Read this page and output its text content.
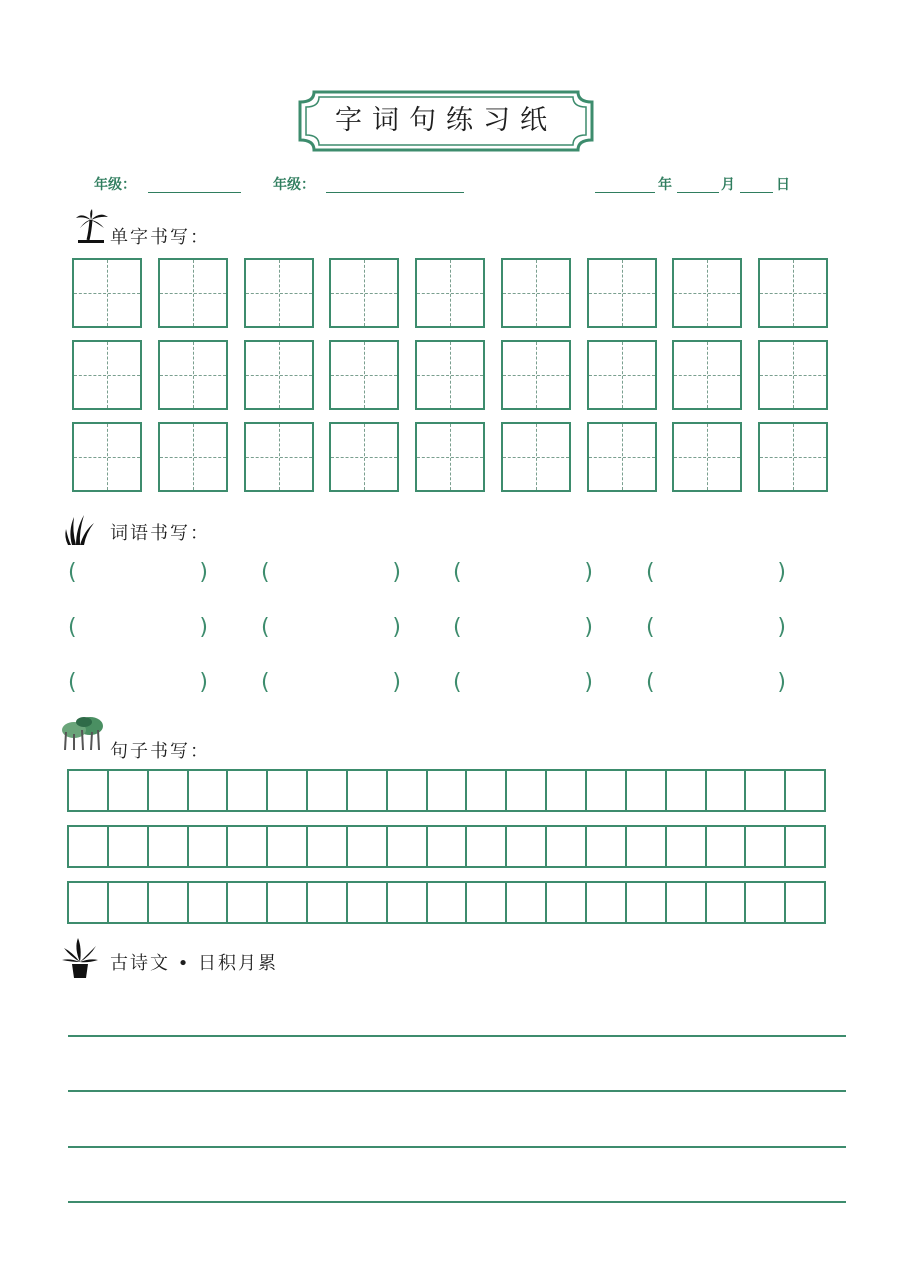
字词句练习纸
年级：	年级：	年	月	日
单字书写：
词语书写：
(	) (	) (	) (	)
(	) (	) (	) (	)
(	) (	) (	) (	)
句子书写：
古诗文 • 日积月累
